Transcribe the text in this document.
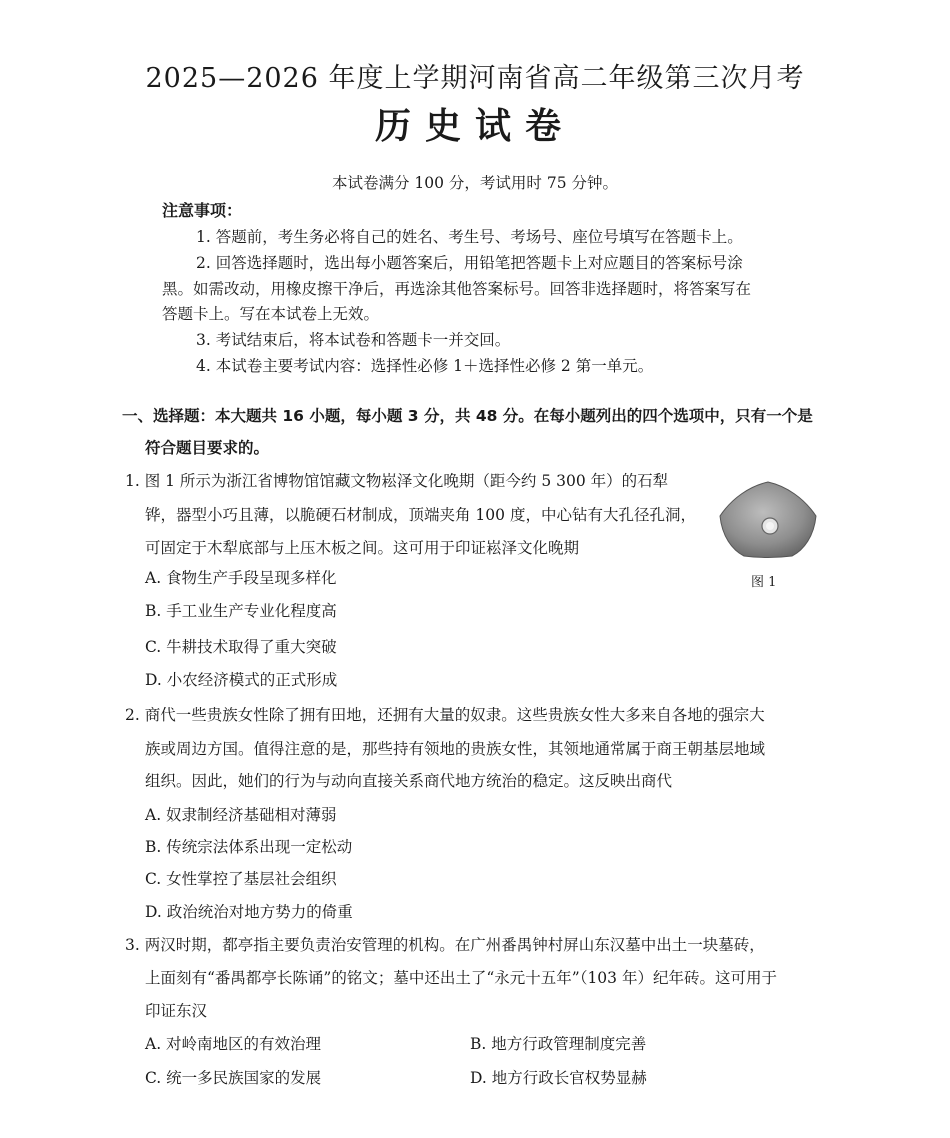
2025—2026 年度上学期河南省高二年级第三次月考
历史试卷
本试卷满分 100 分，考试用时 75 分钟。
注意事项：
1. 答题前，考生务必将自己的姓名、考生号、考场号、座位号填写在答题卡上。
2. 回答选择题时，选出每小题答案后，用铅笔把答题卡上对应题目的答案标号涂
黑。如需改动，用橡皮擦干净后，再选涂其他答案标号。回答非选择题时，将答案写在
答题卡上。写在本试卷上无效。
3. 考试结束后，将本试卷和答题卡一并交回。
4. 本试卷主要考试内容：选择性必修 1＋选择性必修 2 第一单元。
一、选择题：本大题共 16 小题，每小题 3 分，共 48 分。在每小题列出的四个选项中，只有一个是
符合题目要求的。
1. 图 1 所示为浙江省博物馆馆藏文物崧泽文化晚期（距今约 5 300 年）的石犁
铧，器型小巧且薄，以脆硬石材制成，顶端夹角 100 度，中心钻有大孔径孔洞，
可固定于木犁底部与上压木板之间。这可用于印证崧泽文化晚期
A. 食物生产手段呈现多样化
B. 手工业生产专业化程度高
C. 牛耕技术取得了重大突破
D. 小农经济模式的正式形成
图 1
2. 商代一些贵族女性除了拥有田地，还拥有大量的奴隶。这些贵族女性大多来自各地的强宗大
族或周边方国。值得注意的是，那些持有领地的贵族女性，其领地通常属于商王朝基层地域
组织。因此，她们的行为与动向直接关系商代地方统治的稳定。这反映出商代
A. 奴隶制经济基础相对薄弱
B. 传统宗法体系出现一定松动
C. 女性掌控了基层社会组织
D. 政治统治对地方势力的倚重
3. 两汉时期，都亭指主要负责治安管理的机构。在广州番禺钟村屏山东汉墓中出土一块墓砖，
上面刻有“番禺都亭长陈诵”的铭文；墓中还出土了“永元十五年”（103 年）纪年砖。这可用于
印证东汉
A. 对岭南地区的有效治理	B. 地方行政管理制度完善
C. 统一多民族国家的发展	D. 地方行政长官权势显赫
